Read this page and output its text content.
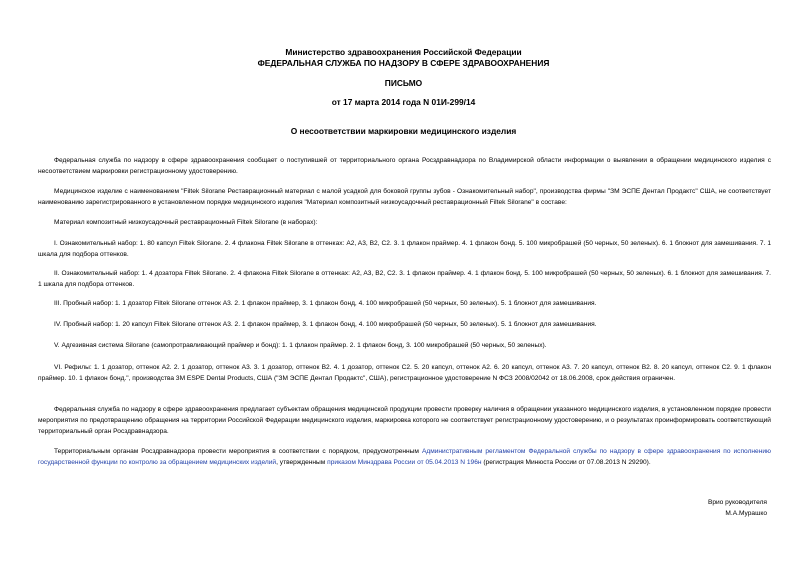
Министерство здравоохранения Российской Федерации
ФЕДЕРАЛЬНАЯ СЛУЖБА ПО НАДЗОРУ В СФЕРЕ ЗДРАВООХРАНЕНИЯ
ПИСЬМО
от 17 марта 2014 года N 01И-299/14
О несоответствии маркировки медицинского изделия
Федеральная служба по надзору в сфере здравоохранения сообщает о поступившей от территориального органа Росздравнадзора по Владимирской области информации о выявлении в обращении медицинского изделия с несоответствием маркировки регистрационному удостоверению.
Медицинское изделие с наименованием "Filtek Silorane Реставрационный материал с малой усадкой для боковой группы зубов - Ознакомительный набор", производства фирмы "ЗМ ЭСПЕ Дентал Продактс" США, не соответствует наименованию зарегистрированного в установленном порядке медицинского изделия "Материал композитный низкоусадочный реставрационный Filtek Silorane" в составе:
Материал композитный низкоусадочный реставрационный Filtek Silorane (в наборах):
I. Ознакомительный набор: 1. 80 капсул Filtek Silorane. 2. 4 флакона Filtek Silorane в оттенках: A2, A3, B2, C2. 3. 1 флакон праймер. 4. 1 флакон бонд. 5. 100 микробрашей (50 черных, 50 зеленых). 6. 1 блокнот для замешивания. 7. 1 шкала для подбора оттенков.
II. Ознакомительный набор: 1. 4 дозатора Filtek Silorane. 2. 4 флакона Filtek Silorane в оттенках: A2, A3, B2, C2. 3. 1 флакон праймер. 4. 1 флакон бонд. 5. 100 микробрашей (50 черных, 50 зеленых). 6. 1 блокнот для замешивания. 7. 1 шкала для подбора оттенков.
III. Пробный набор: 1. 1 дозатор Filtek Silorane оттенок A3. 2. 1 флакон праймер, 3. 1 флакон бонд, 4. 100 микробрашей (50 черных, 50 зеленых). 5. 1 блокнот для замешивания.
IV. Пробный набор: 1. 20 капсул Filtek Silorane оттенок A3. 2. 1 флакон праймер, 3. 1 флакон бонд, 4. 100 микробрашей (50 черных, 50 зеленых). 5. 1 блокнот для замешивания.
V. Адгезивная система Silorane (самопротравливающий праймер и бонд): 1. 1 флакон праймер. 2. 1 флакон бонд, 3. 100 микробрашей (50 черных, 50 зеленых).
VI. Рефилы: 1. 1 дозатор, оттенок A2. 2. 1 дозатор, оттенок A3. 3. 1 дозатор, оттенок B2. 4. 1 дозатор, оттенок C2. 5. 20 капсул, оттенок A2. 6. 20 капсул, оттенок A3. 7. 20 капсул, оттенок B2. 8. 20 капсул, оттенок C2. 9. 1 флакон праймер. 10. 1 флакон бонд.", производства 3M ESPE Dental Products, США ("ЗМ ЭСПЕ Дентал Продактс", США), регистрационное удостоверение N ФСЗ 2008/02042 от 18.06.2008, срок действия ограничен.
Федеральная служба по надзору в сфере здравоохранения предлагает субъектам обращения медицинской продукции провести проверку наличия в обращении указанного медицинского изделия, в установленном порядке провести мероприятия по предотвращению обращения на территории Российской Федерации медицинского изделия, маркировка которого не соответствует регистрационному удостоверению, и о результатах проинформировать соответствующий территориальный орган Росздравнадзора.
Территориальным органам Росздравнадзора провести мероприятия в соответствии с порядком, предусмотренным Административным регламентом Федеральной службы по надзору в сфере здравоохранения по исполнению государственной функции по контролю за обращением медицинских изделий, утвержденным приказом Минздрава России от 05.04.2013 N 196н (регистрация Минюста России от 07.08.2013 N 29290).
Врио руководителя
М.А.Мурашко
